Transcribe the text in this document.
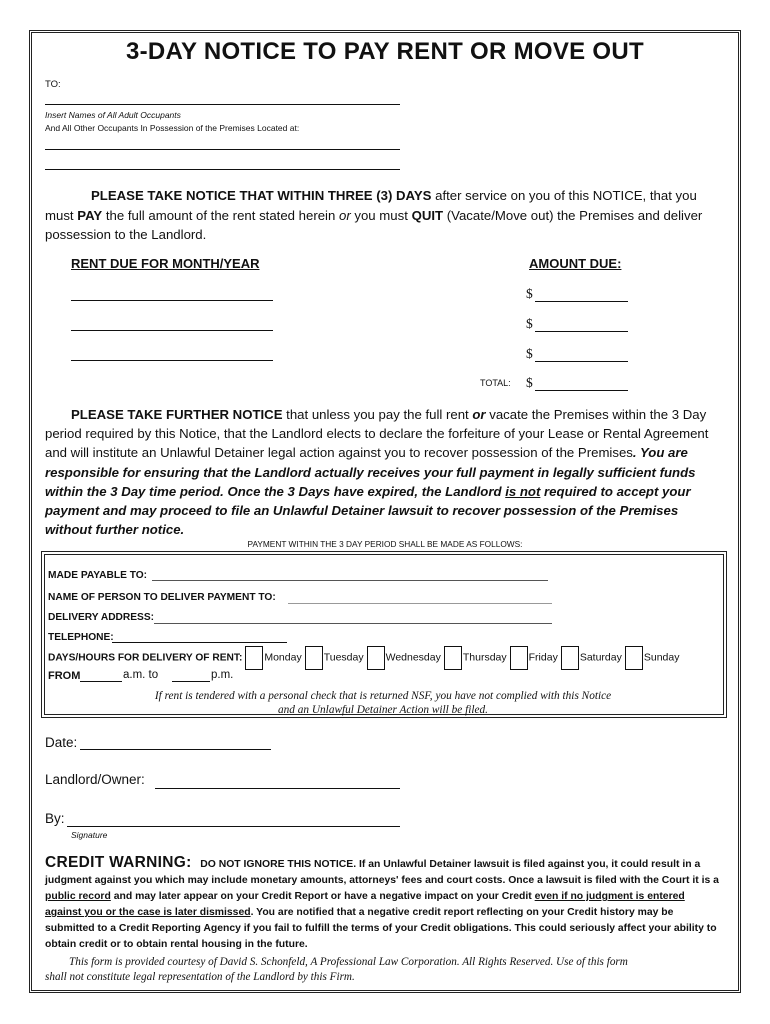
3-DAY NOTICE TO PAY RENT OR MOVE OUT
TO:
Insert Names of All Adult Occupants
And All Other Occupants In Possession of the Premises Located at:
PLEASE TAKE NOTICE THAT WITHIN THREE (3) DAYS after service on you of this NOTICE, that you must PAY the full amount of the rent stated herein or you must QUIT (Vacate/Move out) the Premises and deliver possession to the Landlord.
RENT DUE FOR MONTH/YEAR	AMOUNT DUE:
$
$
$
TOTAL: $
PLEASE TAKE FURTHER NOTICE that unless you pay the full rent or vacate the Premises within the 3 Day period required by this Notice, that the Landlord elects to declare the forfeiture of your Lease or Rental Agreement and will institute an Unlawful Detainer legal action against you to recover possession of the Premises. You are responsible for ensuring that the Landlord actually receives your full payment in legally sufficient funds within the 3 Day time period. Once the 3 Days have expired, the Landlord is not required to accept your payment and may proceed to file an Unlawful Detainer lawsuit to recover possession of the Premises without further notice.
PAYMENT WITHIN THE 3 DAY PERIOD SHALL BE MADE AS FOLLOWS:
MADE PAYABLE TO:
NAME OF PERSON TO DELIVER PAYMENT TO:
DELIVERY ADDRESS:
TELEPHONE:
DAYS/HOURS FOR DELIVERY OF RENT: Monday Tuesday Wednesday Thursday Friday Saturday Sunday
FROM	a.m. to	p.m.
If rent is tendered with a personal check that is returned NSF, you have not complied with this Notice
and an Unlawful Detainer Action will be filed.
Date:
Landlord/Owner:
By:
Signature
CREDIT WARNING: DO NOT IGNORE THIS NOTICE. If an Unlawful Detainer lawsuit is filed against you, it could result in a judgment against you which may include monetary amounts, attorneys' fees and court costs. Once a lawsuit is filed with the Court it is a public record and may later appear on your Credit Report or have a negative impact on your Credit even if no judgment is entered against you or the case is later dismissed. You are notified that a negative credit report reflecting on your Credit history may be submitted to a Credit Reporting Agency if you fail to fulfill the terms of your Credit obligations. This could seriously affect your ability to obtain credit or to obtain rental housing in the future.
This form is provided courtesy of David S. Schonfeld, A Professional Law Corporation. All Rights Reserved. Use of this form
shall not constitute legal representation of the Landlord by this Firm.
